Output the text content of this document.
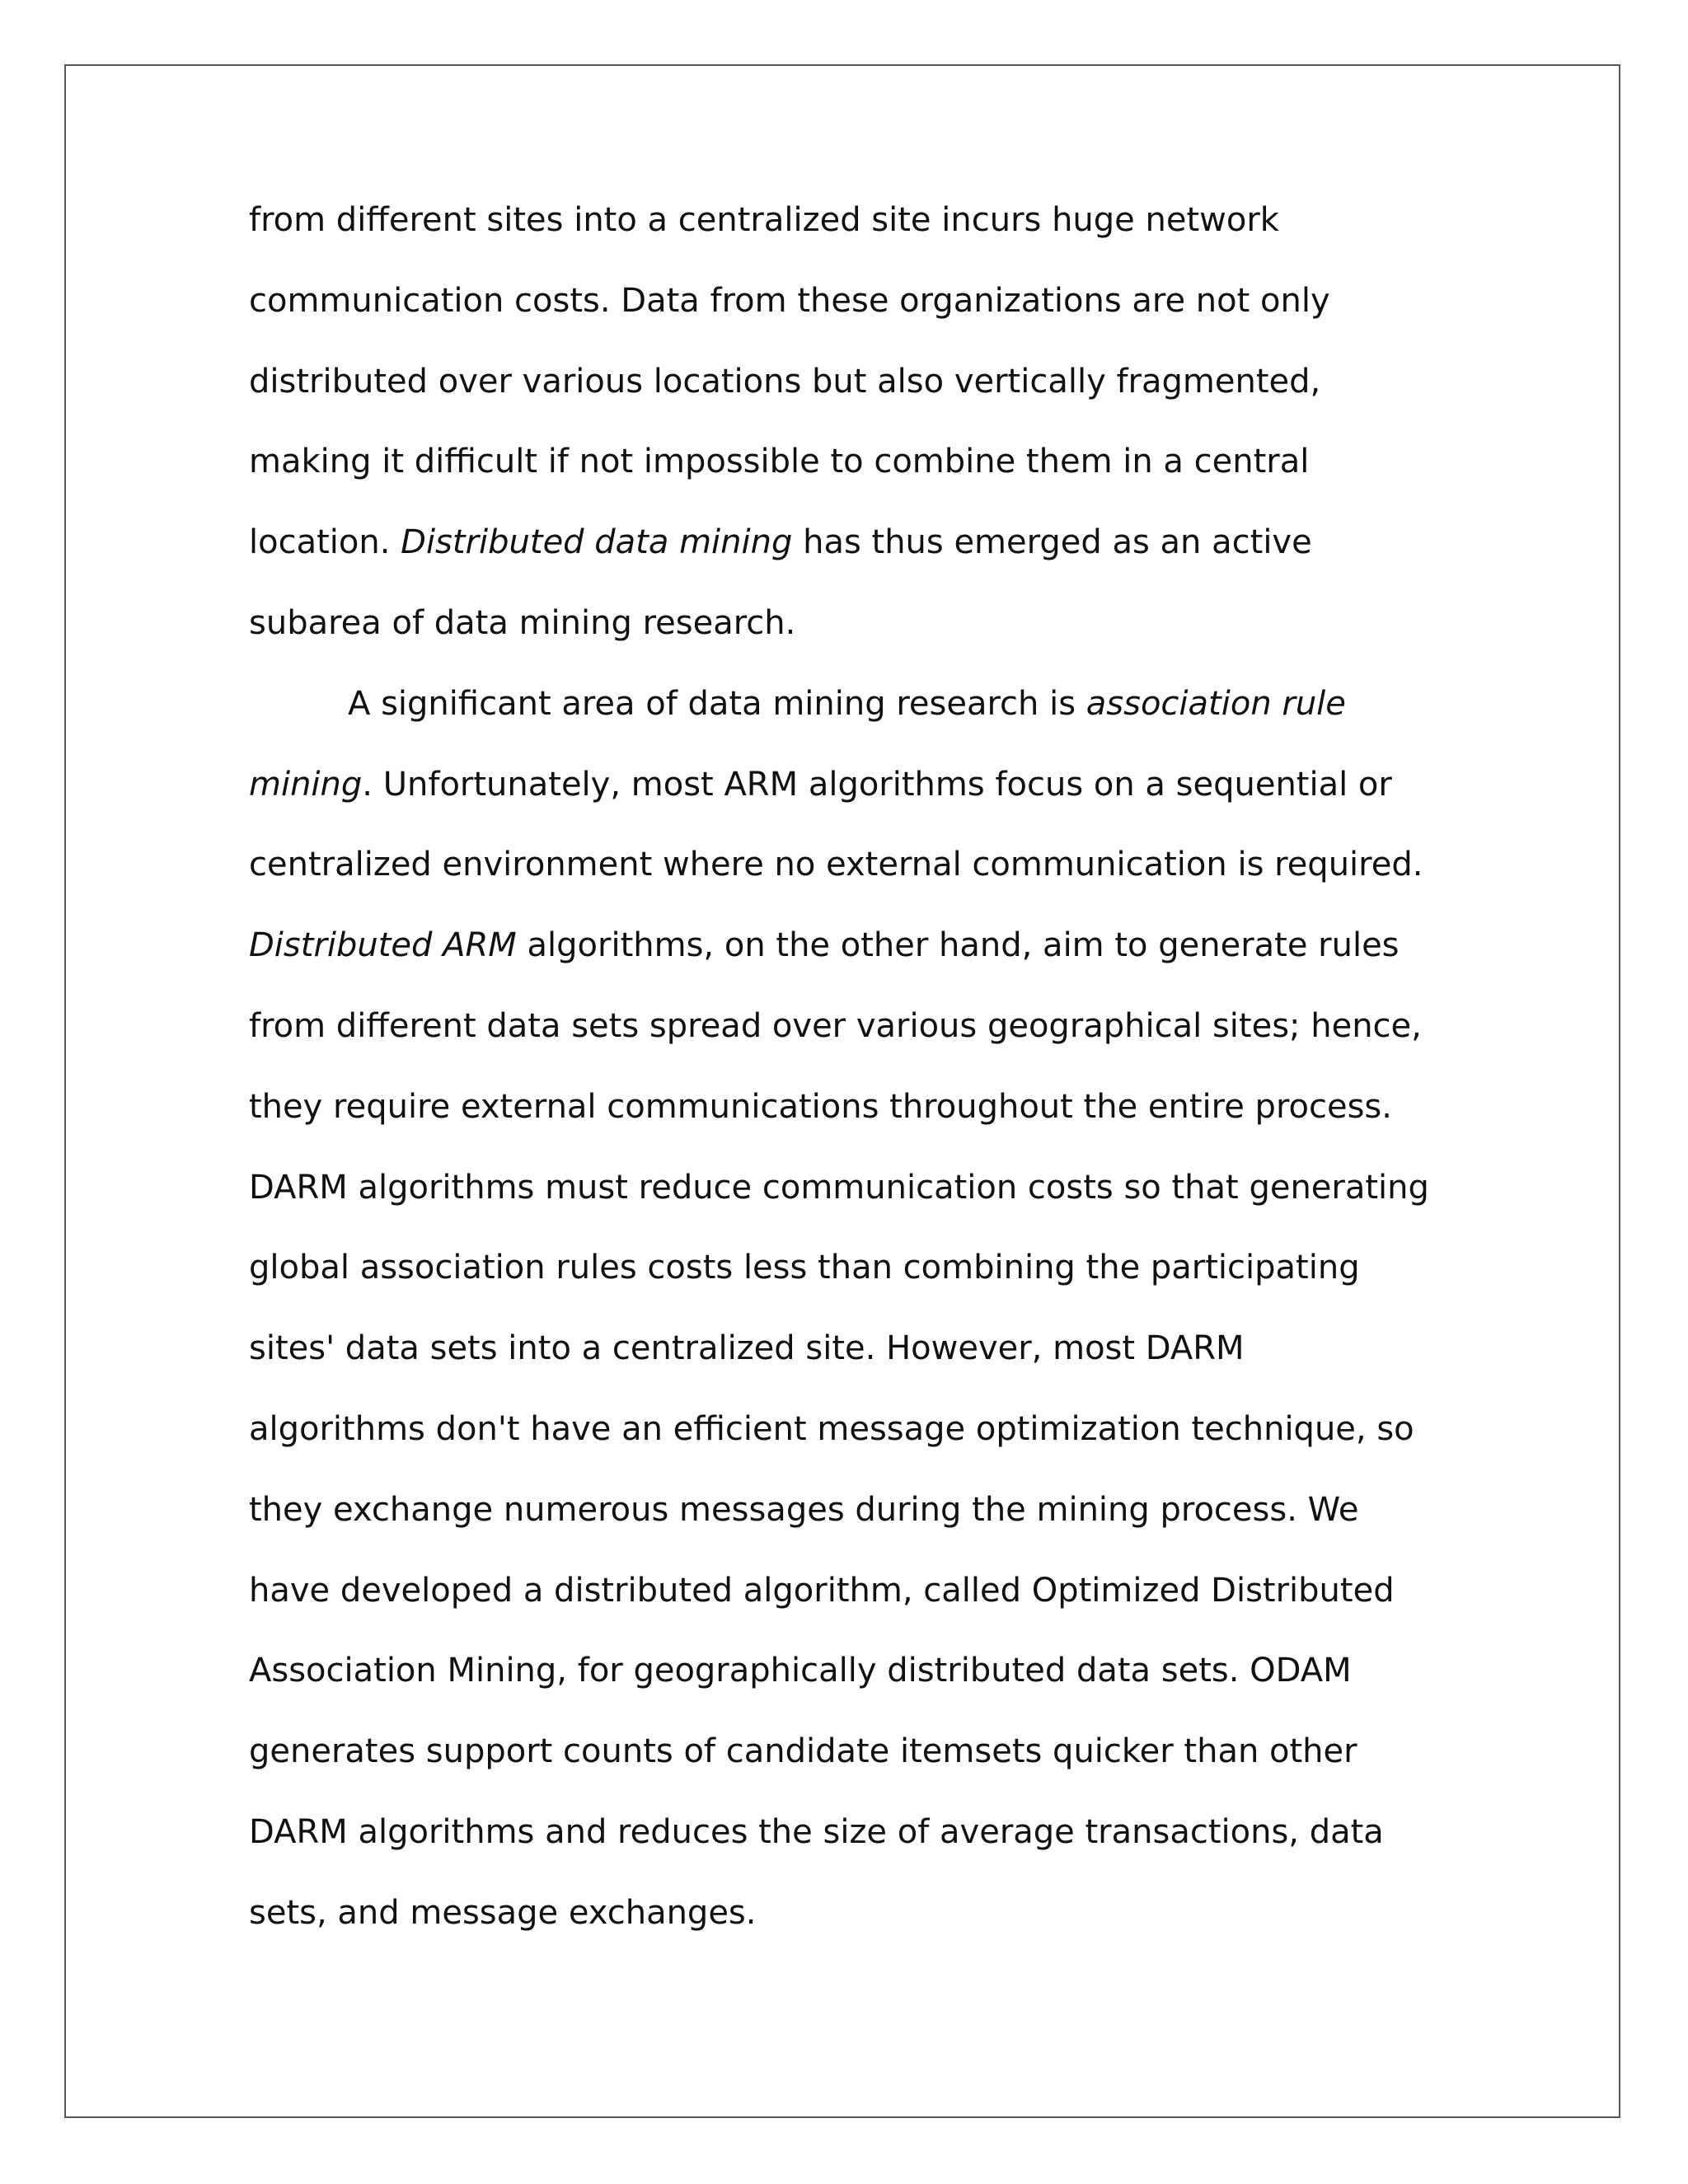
from different sites into a centralized site incurs huge network
communication costs. Data from these organizations are not only
distributed over various locations but also vertically fragmented,
making it difficult if not impossible to combine them in a central
location. Distributed data mining has thus emerged as an active
subarea of data mining research.
A significant area of data mining research is association rule
mining. Unfortunately, most ARM algorithms focus on a sequential or
centralized environment where no external communication is required.
Distributed ARM algorithms, on the other hand, aim to generate rules
from different data sets spread over various geographical sites; hence,
they require external communications throughout the entire process.
DARM algorithms must reduce communication costs so that generating
global association rules costs less than combining the participating
sites' data sets into a centralized site. However, most DARM
algorithms don't have an efficient message optimization technique, so
they exchange numerous messages during the mining process. We
have developed a distributed algorithm, called Optimized Distributed
Association Mining, for geographically distributed data sets. ODAM
generates support counts of candidate itemsets quicker than other
DARM algorithms and reduces the size of average transactions, data
sets, and message exchanges.
